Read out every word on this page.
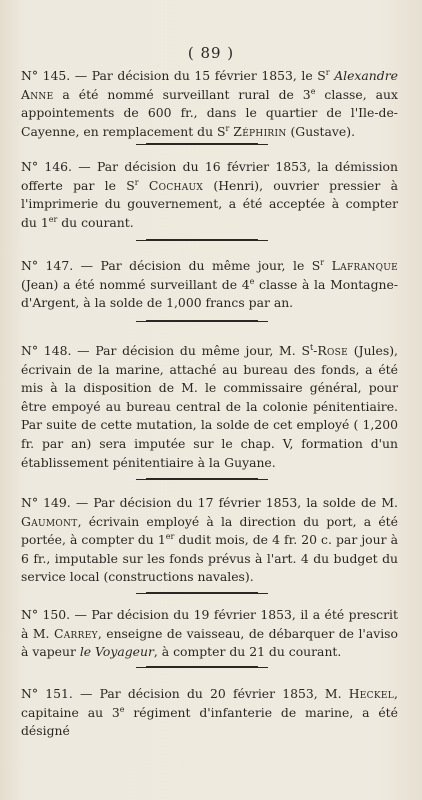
( 89 )

N° 145. — Par décision du 15 février 1853, le $S^r$ Alexandre Anne a été nommé surveillant rural de 3e classe, aux appointements de 600 fr., dans le quartier de l'Ile-de-Cayenne, en remplacement du $S^r$ Zéphirin (Gustave).

N° 146. — Par décision du 16 février 1853, la démission offerte par le $S^r$ Cochaux (Henri), ouvrier pressier à l'imprimerie du gouvernement, a été acceptée à compter du 1er du courant.

N° 147. — Par décision du même jour, le $S^r$ Lafranque (Jean) a été nommé surveillant de 4e classe à la Montagne-d'Argent, à la solde de 1,000 francs par an.

N° 148. — Par décision du même jour, M. $S^t$-Rose (Jules), écrivain de la marine, attaché au bureau des fonds, a été mis à la disposition de M. le commissaire général, pour être empoyé au bureau central de la colonie pénitentiaire. Par suite de cette mutation, la solde de cet employé ( 1,200 fr. par an) sera imputée sur le chap. V, formation d'un établissement pénitentiaire à la Guyane.

N° 149. — Par décision du 17 février 1853, la solde de M. Gaumont, écrivain employé à la direction du port, a été portée, à compter du 1er dudit mois, de 4 fr. 20 c. par jour à 6 fr., imputable sur les fonds prévus à l'art. 4 du budget du service local (constructions navales).

N° 150. — Par décision du 19 février 1853, il a été prescrit à M. Carrey, enseigne de vaisseau, de débarquer de l'aviso à vapeur le Voyageur, à compter du 21 du courant.

N° 151. — Par décision du 20 février 1853, M. Heckel, capitaine au 3e régiment d'infanterie de marine, a été désigné
